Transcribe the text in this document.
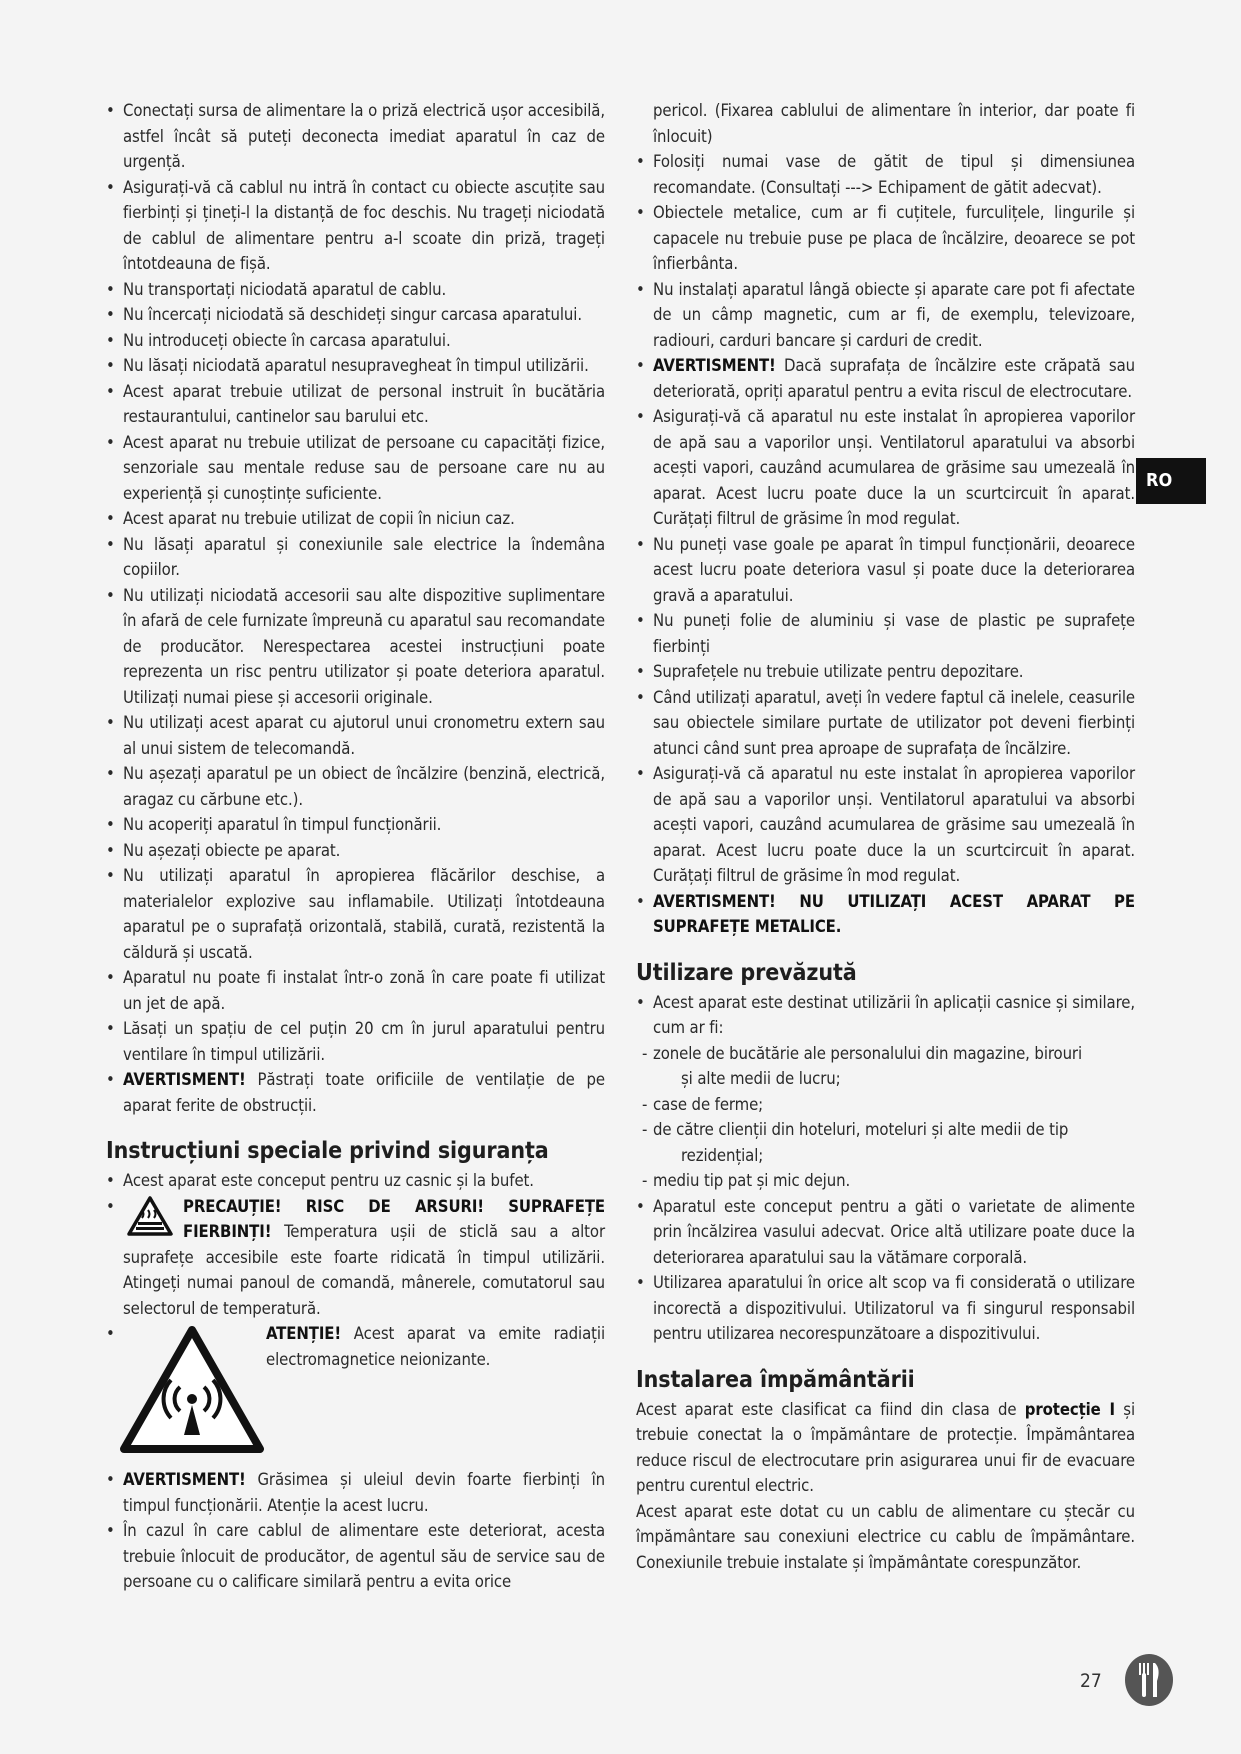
• Conectați sursa de alimentare la o priză electrică ușor accesibilă, astfel încât să puteți deconecta imediat aparatul în caz de urgență.
• Asigurați-vă că cablul nu intră în contact cu obiecte ascuțite sau fierbinți și țineți-l la distanță de foc deschis. Nu trageți niciodată de cablul de alimentare pentru a-l scoate din priză, trageți întotdeauna de fișă.
• Nu transportați niciodată aparatul de cablu.
• Nu încercați niciodată să deschideți singur carcasa aparatului.
• Nu introduceți obiecte în carcasa aparatului.
• Nu lăsați niciodată aparatul nesupravegheat în timpul utilizării.
• Acest aparat trebuie utilizat de personal instruit în bucătăria restaurantului, cantinelor sau barului etc.
• Acest aparat nu trebuie utilizat de persoane cu capacități fizice, senzoriale sau mentale reduse sau de persoane care nu au experiență și cunoștințe suficiente.
• Acest aparat nu trebuie utilizat de copii în niciun caz.
• Nu lăsați aparatul și conexiunile sale electrice la îndemâna copiilor.
• Nu utilizați niciodată accesorii sau alte dispozitive suplimentare în afară de cele furnizate împreună cu aparatul sau recomandate de producător. Nerespectarea acestei instrucțiuni poate reprezenta un risc pentru utilizator și poate deteriora aparatul. Utilizați numai piese și accesorii originale.
• Nu utilizați acest aparat cu ajutorul unui cronometru extern sau al unui sistem de telecomandă.
• Nu așezați aparatul pe un obiect de încălzire (benzină, electrică, aragaz cu cărbune etc.).
• Nu acoperiți aparatul în timpul funcționării.
• Nu așezați obiecte pe aparat.
• Nu utilizați aparatul în apropierea flăcărilor deschise, a materialelor explozive sau inflamabile. Utilizați întotdeauna aparatul pe o suprafață orizontală, stabilă, curată, rezistentă la căldură și uscată.
• Aparatul nu poate fi instalat într-o zonă în care poate fi utilizat un jet de apă.
• Lăsați un spațiu de cel puțin 20 cm în jurul aparatului pentru ventilare în timpul utilizării.
• AVERTISMENT! Păstrați toate orificiile de ventilație de pe aparat ferite de obstrucții.
Instrucțiuni speciale privind siguranța
• Acest aparat este conceput pentru uz casnic și la bufet.
• PRECAUȚIE! RISC DE ARSURI! SUPRAFEȚE FIERBINȚI! Temperatura ușii de sticlă sau a altor suprafețe accesibile este foarte ridicată în timpul utilizării. Atingeți numai panoul de comandă, mânerele, comutatorul sau selectorul de temperatură.
• ATENȚIE! Acest aparat va emite radiații electromagnetice neionizante.
• AVERTISMENT! Grăsimea și uleiul devin foarte fierbinți în timpul funcționării. Atenție la acest lucru.
• În cazul în care cablul de alimentare este deteriorat, acesta trebuie înlocuit de producător, de agentul său de service sau de persoane cu o calificare similară pentru a evita orice
pericol. (Fixarea cablului de alimentare în interior, dar poate fi înlocuit)
• Folosiți numai vase de gătit de tipul și dimensiunea recomandate. (Consultați ---> Echipament de gătit adecvat).
• Obiectele metalice, cum ar fi cuțitele, furculițele, lingurile și capacele nu trebuie puse pe placa de încălzire, deoarece se pot înfierbânta.
• Nu instalați aparatul lângă obiecte și aparate care pot fi afectate de un câmp magnetic, cum ar fi, de exemplu, televizoare, radiouri, carduri bancare și carduri de credit.
• AVERTISMENT! Dacă suprafața de încălzire este crăpată sau deteriorată, opriți aparatul pentru a evita riscul de electrocutare.
• Asigurați-vă că aparatul nu este instalat în apropierea vaporilor de apă sau a vaporilor unși. Ventilatorul aparatului va absorbi acești vapori, cauzând acumularea de grăsime sau umezeală în aparat. Acest lucru poate duce la un scurtcircuit în aparat. Curățați filtrul de grăsime în mod regulat.
• Nu puneți vase goale pe aparat în timpul funcționării, deoarece acest lucru poate deteriora vasul și poate duce la deteriorarea gravă a aparatului.
• Nu puneți folie de aluminiu și vase de plastic pe suprafețe fierbinți
• Suprafețele nu trebuie utilizate pentru depozitare.
• Când utilizați aparatul, aveți în vedere faptul că inelele, ceasurile sau obiectele similare purtate de utilizator pot deveni fierbinți atunci când sunt prea aproape de suprafața de încălzire.
• Asigurați-vă că aparatul nu este instalat în apropierea vaporilor de apă sau a vaporilor unși. Ventilatorul aparatului va absorbi acești vapori, cauzând acumularea de grăsime sau umezeală în aparat. Acest lucru poate duce la un scurtcircuit în aparat. Curățați filtrul de grăsime în mod regulat.
• AVERTISMENT! NU UTILIZAȚI ACEST APARAT PE SUPRAFEȚE METALICE.
Utilizare prevăzută
• Acest aparat este destinat utilizării în aplicații casnice și similare, cum ar fi:
- zonele de bucătărie ale personalului din magazine, birouri
și alte medii de lucru;
- case de ferme;
- de către clienții din hoteluri, moteluri și alte medii de tip
rezidențial;
- mediu tip pat și mic dejun.
• Aparatul este conceput pentru a găti o varietate de alimente prin încălzirea vasului adecvat. Orice altă utilizare poate duce la deteriorarea aparatului sau la vătămare corporală.
• Utilizarea aparatului în orice alt scop va fi considerată o utilizare incorectă a dispozitivului. Utilizatorul va fi singurul responsabil pentru utilizarea necorespunzătoare a dispozitivului.
Instalarea împământării
Acest aparat este clasificat ca fiind din clasa de protecție I și trebuie conectat la o împământare de protecție. Împământarea reduce riscul de electrocutare prin asigurarea unui fir de evacuare pentru curentul electric.
Acest aparat este dotat cu un cablu de alimentare cu ștecăr cu împământare sau conexiuni electrice cu cablu de împământare. Conexiunile trebuie instalate și împământate corespunzător.
RO
27
